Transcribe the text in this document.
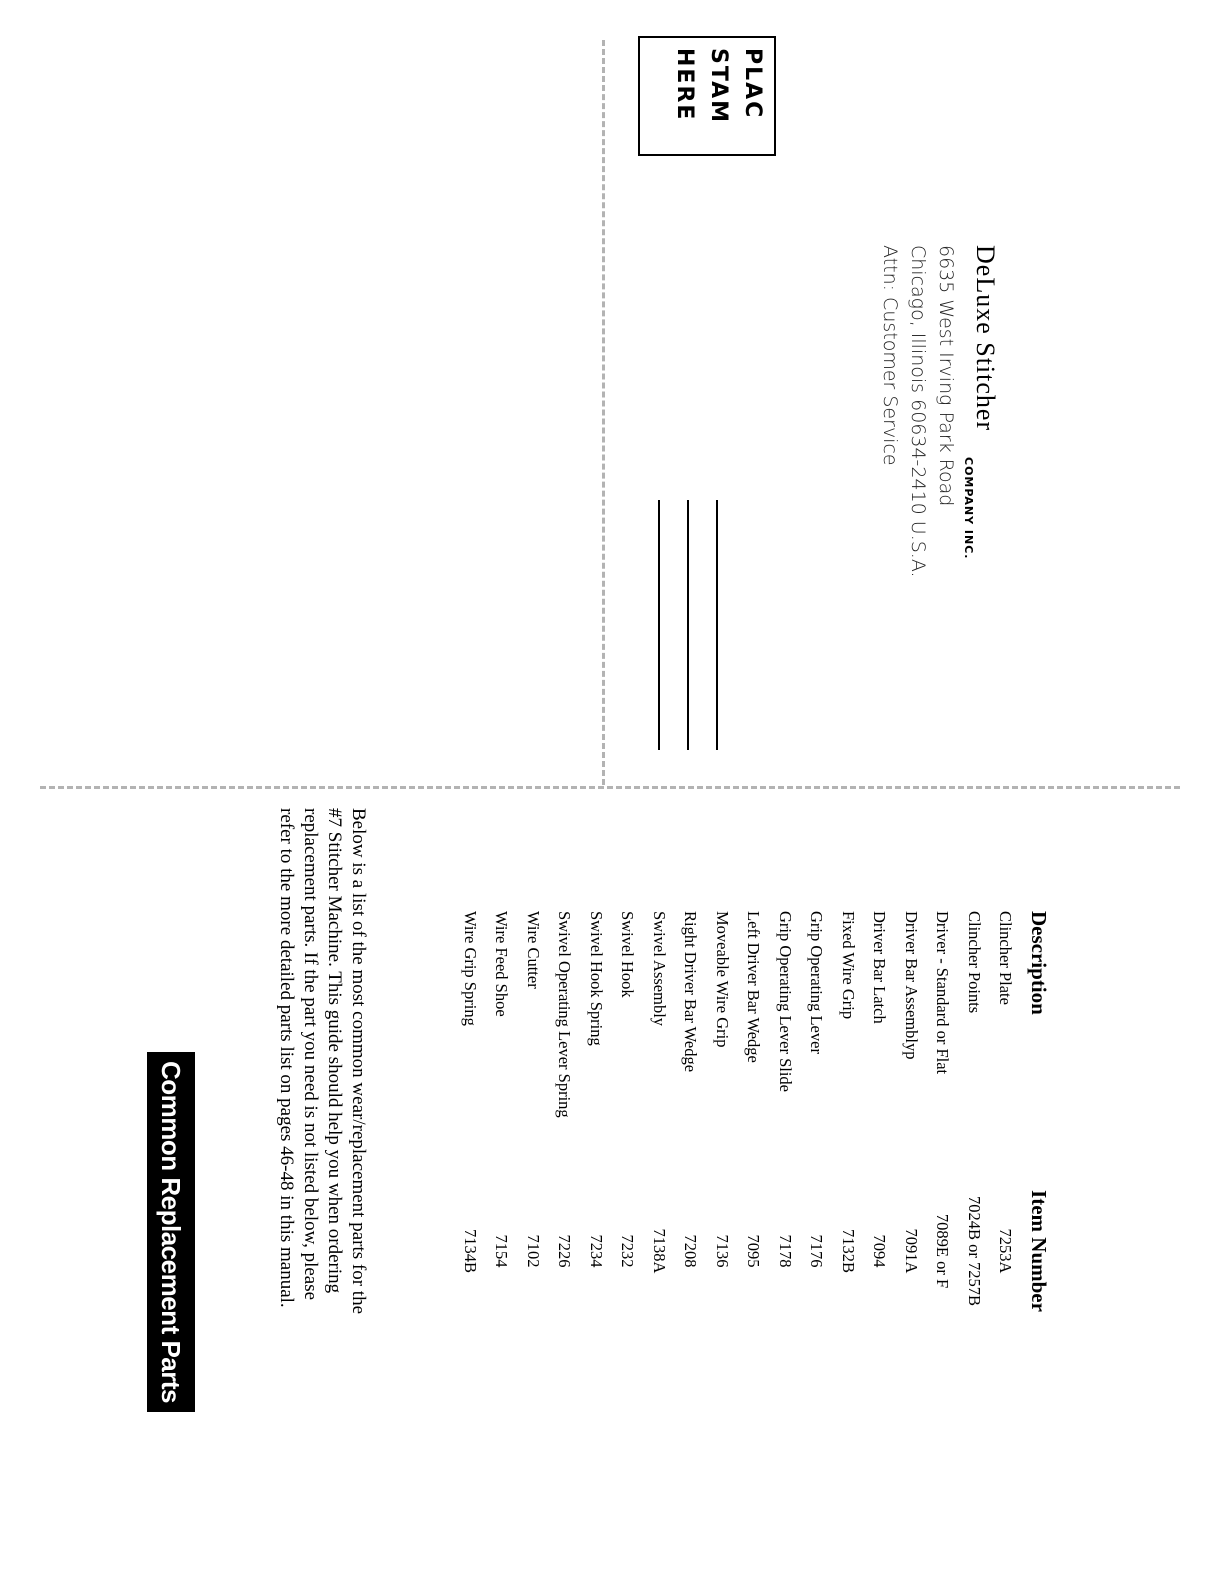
PLAC
STAM
HERE
DeLuxe Stitcher
COMPANY INC.
6635 West Irving Park Road
Chicago, Illinois 60634-2410 U.S.A.
Attn: Customer Service
Common Replacement Parts	Below is a list of the most common wear/replacement parts for the
#7 Stitcher Machine. This guide should help you when ordering
replacement parts. If the part you need is not listed below, please
refer to the more detailed parts list on pages 46-48 in this manual.	Description
Item Number
Clincher Plate
7253A
Clincher Points
7024B or 7257B
Driver - Standard or Flat
7089E or F
Driver Bar Assemblyp
7091A
Driver Bar Latch
7094
Fixed Wire Grip
7132B
Grip Operating Lever
7176
Grip Operating Lever Slide
7178
Left Driver Bar Wedge
7095
Moveable Wire Grip
7136
Right Driver Bar Wedge
7208
Swivel Assembly
7138A
Swivel Hook
7232
Swivel Hook Spring
7234
Swivel Operating Lever Spring
7226
Wire Cutter
7102
Wire Feed Shoe
7154
Wire Grip Spring
7134B
